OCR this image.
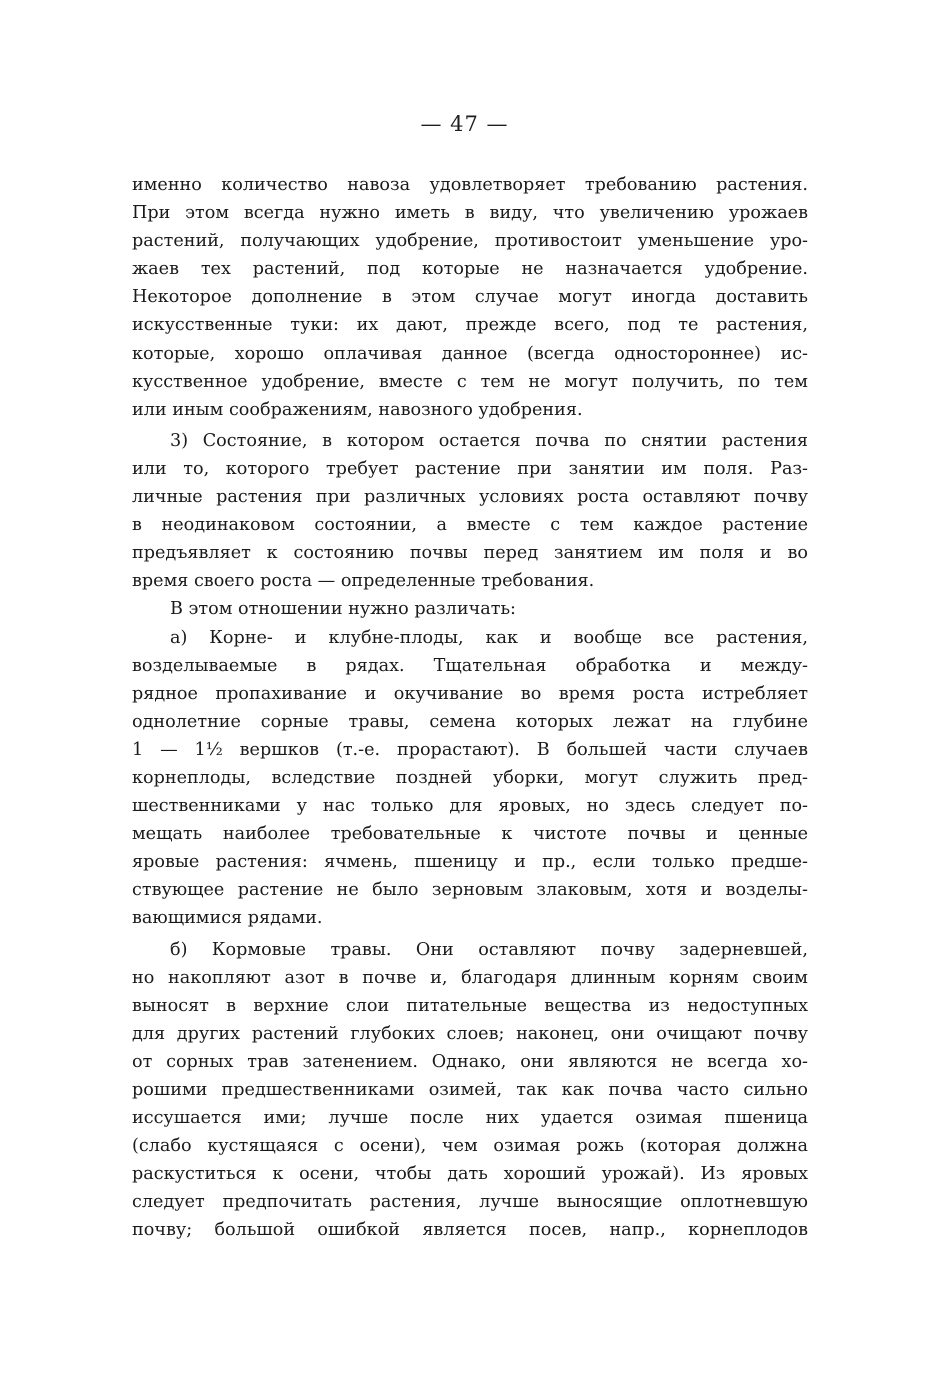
— 47 —
именно количество навоза удовлетворяет требованию растения.
При этом всегда нужно иметь в виду, что увеличению урожаев
растений, получающих удобрение, противостоит уменьшение уро-
жаев тех растений, под которые не назначается удобрение.
Некоторое дополнение в этом случае могут иногда доставить
искусственные туки: их дают, прежде всего, под те растения,
которые, хорошо оплачивая данное (всегда одностороннее) ис-
кусственное удобрение, вместе с тем не могут получить, по тем
или иным соображениям, навозного удобрения.
3) Состояние, в котором остается почва по снятии растения
или то, которого требует растение при занятии им поля. Раз-
личные растения при различных условиях роста оставляют почву
в неодинаковом состоянии, а вместе с тем каждое растение
предъявляет к состоянию почвы перед занятием им поля и во
время своего роста — определенные требования.
В этом отношении нужно различать:
а) Корне- и клубне-плоды, как и вообще все растения,
возделываемые в рядах. Тщательная обработка и между-
рядное пропахивание и окучивание во время роста истребляет
однолетние сорные травы, семена которых лежат на глубине
1 — 1½ вершков (т.-е. прорастают). В большей части случаев
корнеплоды, вследствие поздней уборки, могут служить пред-
шественниками у нас только для яровых, но здесь следует по-
мещать наиболее требовательные к чистоте почвы и ценные
яровые растения: ячмень, пшеницу и пр., если только предше-
ствующее растение не было зерновым злаковым, хотя и возделы-
вающимися рядами.
б) Кормовые травы. Они оставляют почву задерневшей,
но накопляют азот в почве и, благодаря длинным корням своим
выносят в верхние слои питательные вещества из недоступных
для других растений глубоких слоев; наконец, они очищают почву
от сорных трав затенением. Однако, они являются не всегда хо-
рошими предшественниками озимей, так как почва часто сильно
иссушается ими; лучше после них удается озимая пшеница
(слабо кустящаяся с осени), чем озимая рожь (которая должна
раскуститься к осени, чтобы дать хороший урожай). Из яровых
следует предпочитать растения, лучше выносящие оплотневшую
почву; большой ошибкой является посев, напр., корнеплодов
